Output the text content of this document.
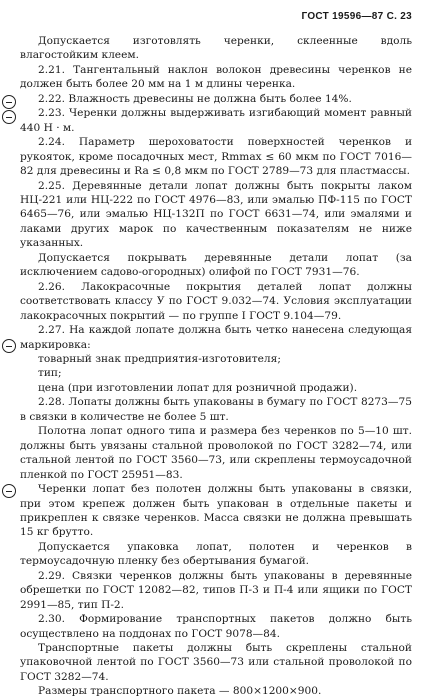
ГОСТ 19596—87 С. 23

Допускается изготовлять черенки, склеенные вдоль влагостойким клеем.

2.21. Тангентальный наклон волокон древесины черенков не должен быть более 20 мм на 1 м длины черенка.

2.22. Влажность древесины не должна быть более 14%.

2.23. Черенки должны выдерживать изгибающий момент равный 440 Н · м.

2.24. Параметр шероховатости поверхностей черенков и рукояток, кроме посадочных мест, Rmmax ≤ 60 мкм по ГОСТ 7016—82 для древесины и Ra ≤ 0,8 мкм по ГОСТ 2789—73 для пластмассы.

2.25. Деревянные детали лопат должны быть покрыты лаком НЦ-221 или НЦ-222 по ГОСТ 4976—83, или эмалью ПФ-115 по ГОСТ 6465—76, или эмалью НЦ-132П по ГОСТ 6631—74, или эмалями и лаками других марок по качественным показателям не ниже указанных.

Допускается покрывать деревянные детали лопат (за исключением садово-огородных) олифой по ГОСТ 7931—76.

2.26. Лакокрасочные покрытия деталей лопат должны соответствовать классу У по ГОСТ 9.032—74. Условия эксплуатации лакокрасочных покрытий — по группе I ГОСТ 9.104—79.

2.27. На каждой лопате должна быть четко нанесена следующая маркировка:

товарный знак предприятия-изготовителя;

тип;

цена (при изготовлении лопат для розничной продажи).

2.28. Лопаты должны быть упакованы в бумагу по ГОСТ 8273—75 в связки в количестве не более 5 шт.

Полотна лопат одного типа и размера без черенков по 5—10 шт. должны быть увязаны стальной проволокой по ГОСТ 3282—74, или стальной лентой по ГОСТ 3560—73, или скреплены термоусадочной пленкой по ГОСТ 25951—83.

Черенки лопат без полотен должны быть упакованы в связки, при этом крепеж должен быть упакован в отдельные пакеты и прикреплен к связке черенков. Масса связки не должна превышать 15 кг брутто.

Допускается упаковка лопат, полотен и черенков в термоусадочную пленку без обертывания бумагой.

2.29. Связки черенков должны быть упакованы в деревянные обрешетки по ГОСТ 12082—82, типов П-3 и П-4 или ящики по ГОСТ 2991—85, тип П-2.

2.30. Формирование транспортных пакетов должно быть осуществлено на поддонах по ГОСТ 9078—84.

Транспортные пакеты должны быть скреплены стальной упаковочной лентой по ГОСТ 3560—73 или стальной проволокой по ГОСТ 3282—74.

Размеры транспортного пакета — 800×1200×900.
